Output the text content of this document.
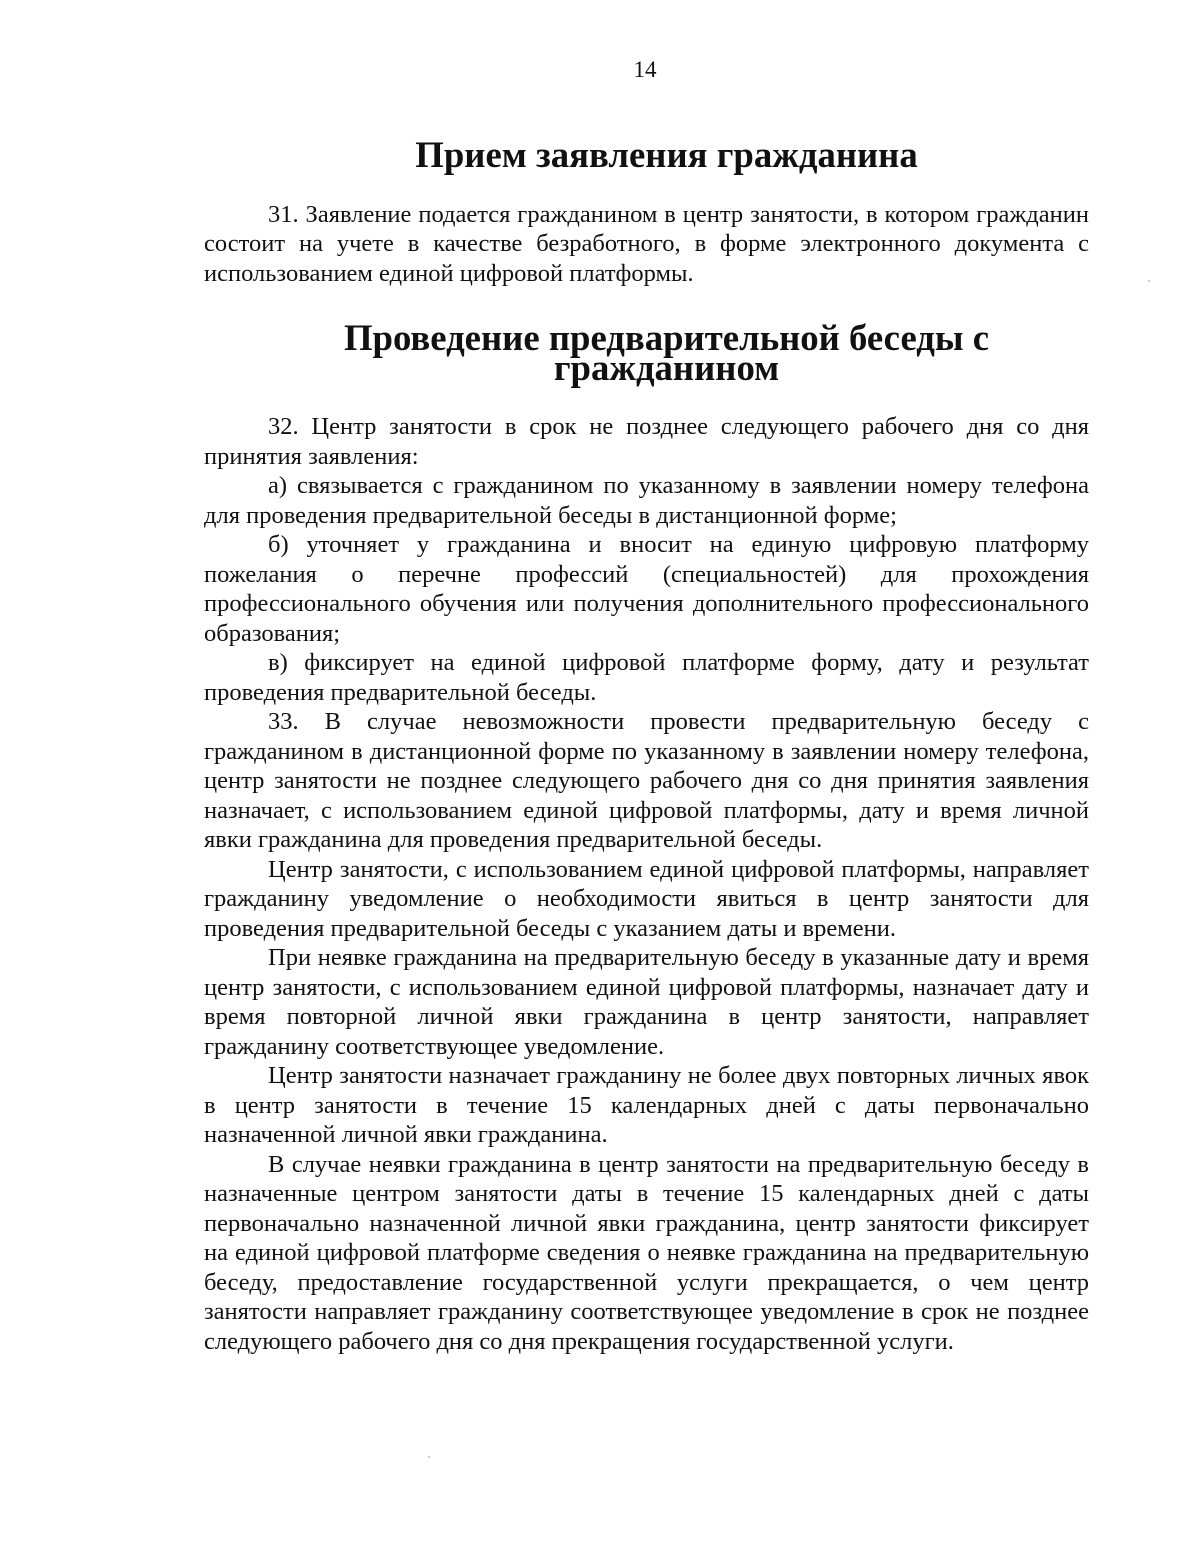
14
Прием заявления гражданина

31. Заявление подается гражданином в центр занятости, в котором гражданин состоит на учете в качестве безработного, в форме электронного документа с использованием единой цифровой платформы.

Проведение предварительной беседы с гражданином

32. Центр занятости в срок не позднее следующего рабочего дня со дня принятия заявления:

а) связывается с гражданином по указанному в заявлении номеру телефона для проведения предварительной беседы в дистанционной форме;

б) уточняет у гражданина и вносит на единую цифровую платформу пожелания о перечне профессий (специальностей) для прохождения профессионального обучения или получения дополнительного профессионального образования;

в) фиксирует на единой цифровой платформе форму, дату и результат проведения предварительной беседы.

33. В случае невозможности провести предварительную беседу с гражданином в дистанционной форме по указанному в заявлении номеру телефона, центр занятости не позднее следующего рабочего дня со дня принятия заявления назначает, с использованием единой цифровой платформы, дату и время личной явки гражданина для проведения предварительной беседы.

Центр занятости, с использованием единой цифровой платформы, направляет гражданину уведомление о необходимости явиться в центр занятости для проведения предварительной беседы с указанием даты и времени.

При неявке гражданина на предварительную беседу в указанные дату и время центр занятости, с использованием единой цифровой платформы, назначает дату и время повторной личной явки гражданина в центр занятости, направляет гражданину соответствующее уведомление.

Центр занятости назначает гражданину не более двух повторных личных явок в центр занятости в течение 15 календарных дней с даты первоначально назначенной личной явки гражданина.

В случае неявки гражданина в центр занятости на предварительную беседу в назначенные центром занятости даты в течение 15 календарных дней с даты первоначально назначенной личной явки гражданина, центр занятости фиксирует на единой цифровой платформе сведения о неявке гражданина на предварительную беседу, предоставление государственной услуги прекращается, о чем центр занятости направляет гражданину соответствующее уведомление в срок не позднее следующего рабочего дня со дня прекращения государственной услуги.
